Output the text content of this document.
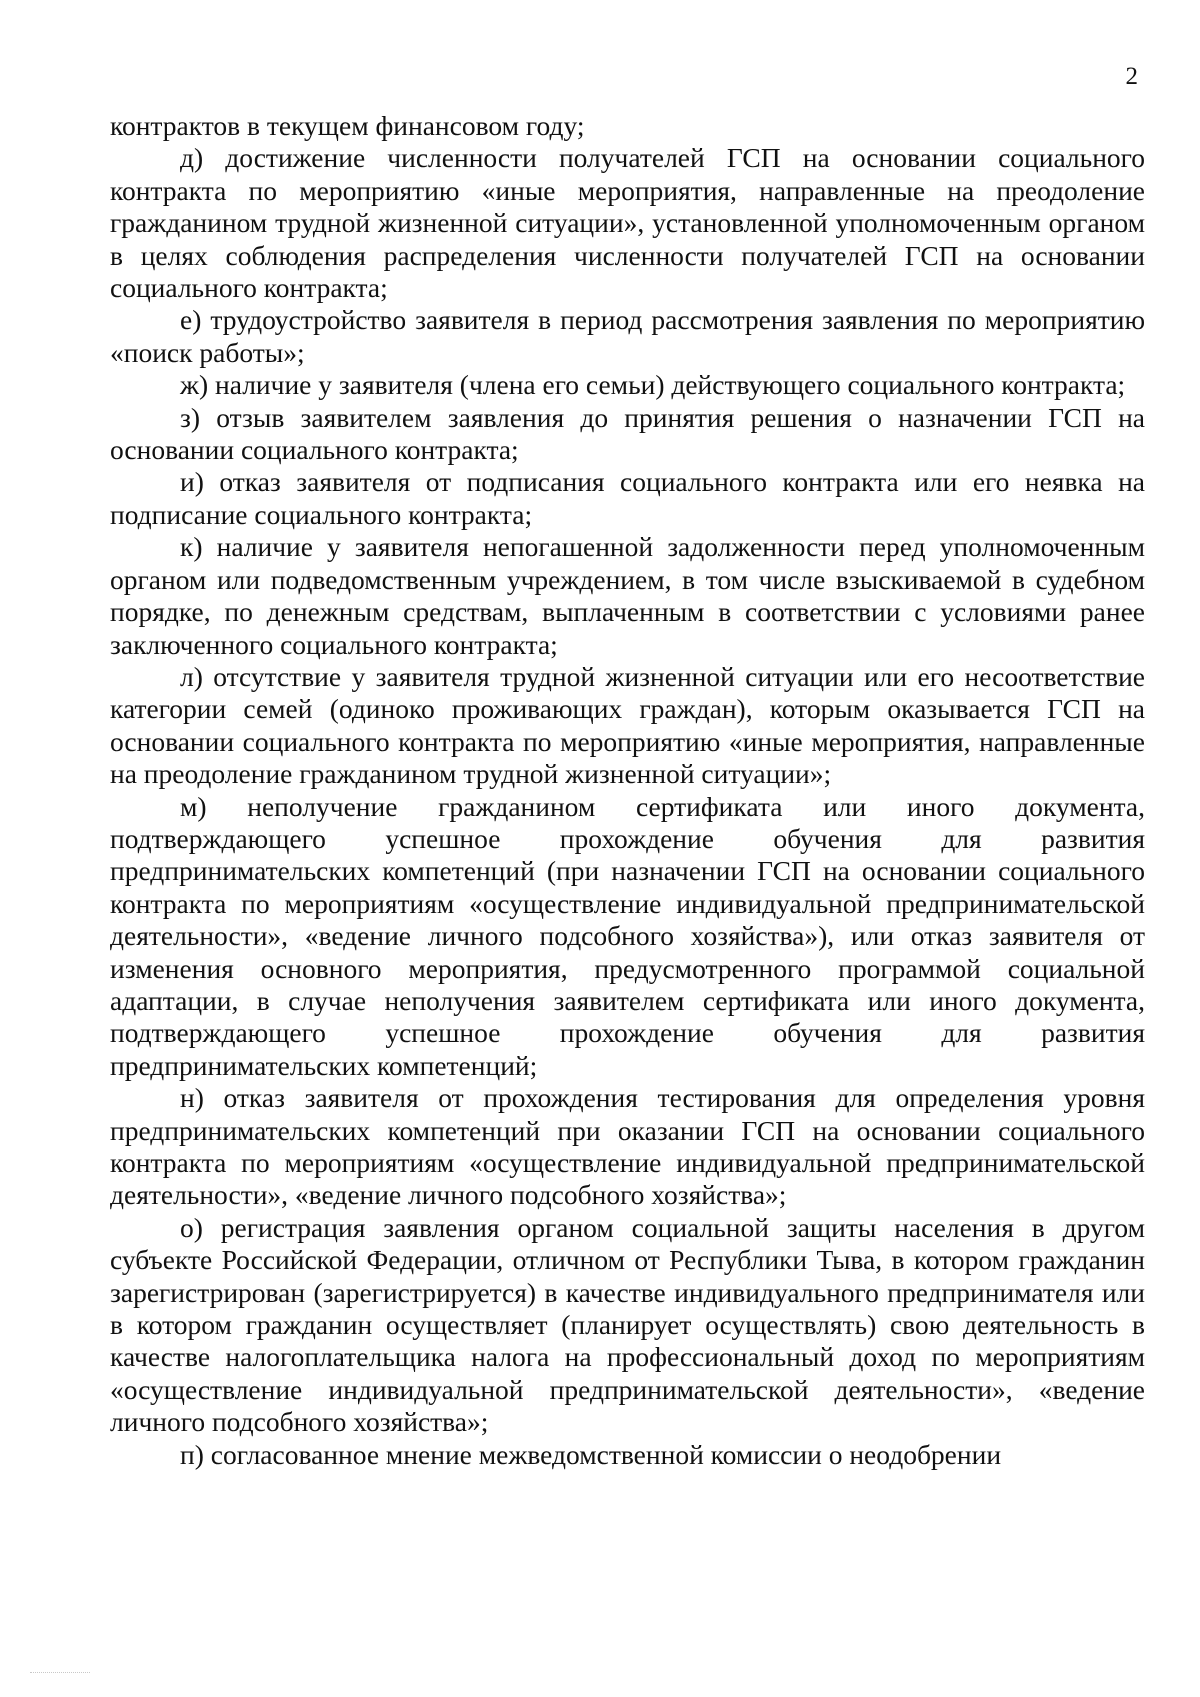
2

контрактов в текущем финансовом году;

д) достижение численности получателей ГСП на основании социального контракта по мероприятию «иные мероприятия, направленные на преодоление гражданином трудной жизненной ситуации», установленной уполномоченным органом в целях соблюдения распределения численности получателей ГСП на основании социального контракта;

е) трудоустройство заявителя в период рассмотрения заявления по мероприятию «поиск работы»;

ж) наличие у заявителя (члена его семьи) действующего социального контракта;

з) отзыв заявителем заявления до принятия решения о назначении ГСП на основании социального контракта;

и) отказ заявителя от подписания социального контракта или его неявка на подписание социального контракта;

к) наличие у заявителя непогашенной задолженности перед уполномоченным органом или подведомственным учреждением, в том числе взыскиваемой в судебном порядке, по денежным средствам, выплаченным в соответствии с условиями ранее заключенного социального контракта;

л) отсутствие у заявителя трудной жизненной ситуации или его несоответствие категории семей (одиноко проживающих граждан), которым оказывается ГСП на основании социального контракта по мероприятию «иные мероприятия, направленные на преодоление гражданином трудной жизненной ситуации»;

м) неполучение гражданином сертификата или иного документа, подтверждающего успешное прохождение обучения для развития предпринимательских компетенций (при назначении ГСП на основании социального контракта по мероприятиям «осуществление индивидуальной предпринимательской деятельности», «ведение личного подсобного хозяйства»), или отказ заявителя от изменения основного мероприятия, предусмотренного программой социальной адаптации, в случае неполучения заявителем сертификата или иного документа, подтверждающего успешное прохождение обучения для развития предпринимательских компетенций;

н) отказ заявителя от прохождения тестирования для определения уровня предпринимательских компетенций при оказании ГСП на основании социального контракта по мероприятиям «осуществление индивидуальной предпринимательской деятельности», «ведение личного подсобного хозяйства»;

о) регистрация заявления органом социальной защиты населения в другом субъекте Российской Федерации, отличном от Республики Тыва, в котором гражданин зарегистрирован (зарегистрируется) в качестве индивидуального предпринимателя или в котором гражданин осуществляет (планирует осуществлять) свою деятельность в качестве налогоплательщика налога на профессиональный доход по мероприятиям «осуществление индивидуальной предпринимательской деятельности», «ведение личного подсобного хозяйства»;

п) согласованное мнение межведомственной комиссии о неодобрении
